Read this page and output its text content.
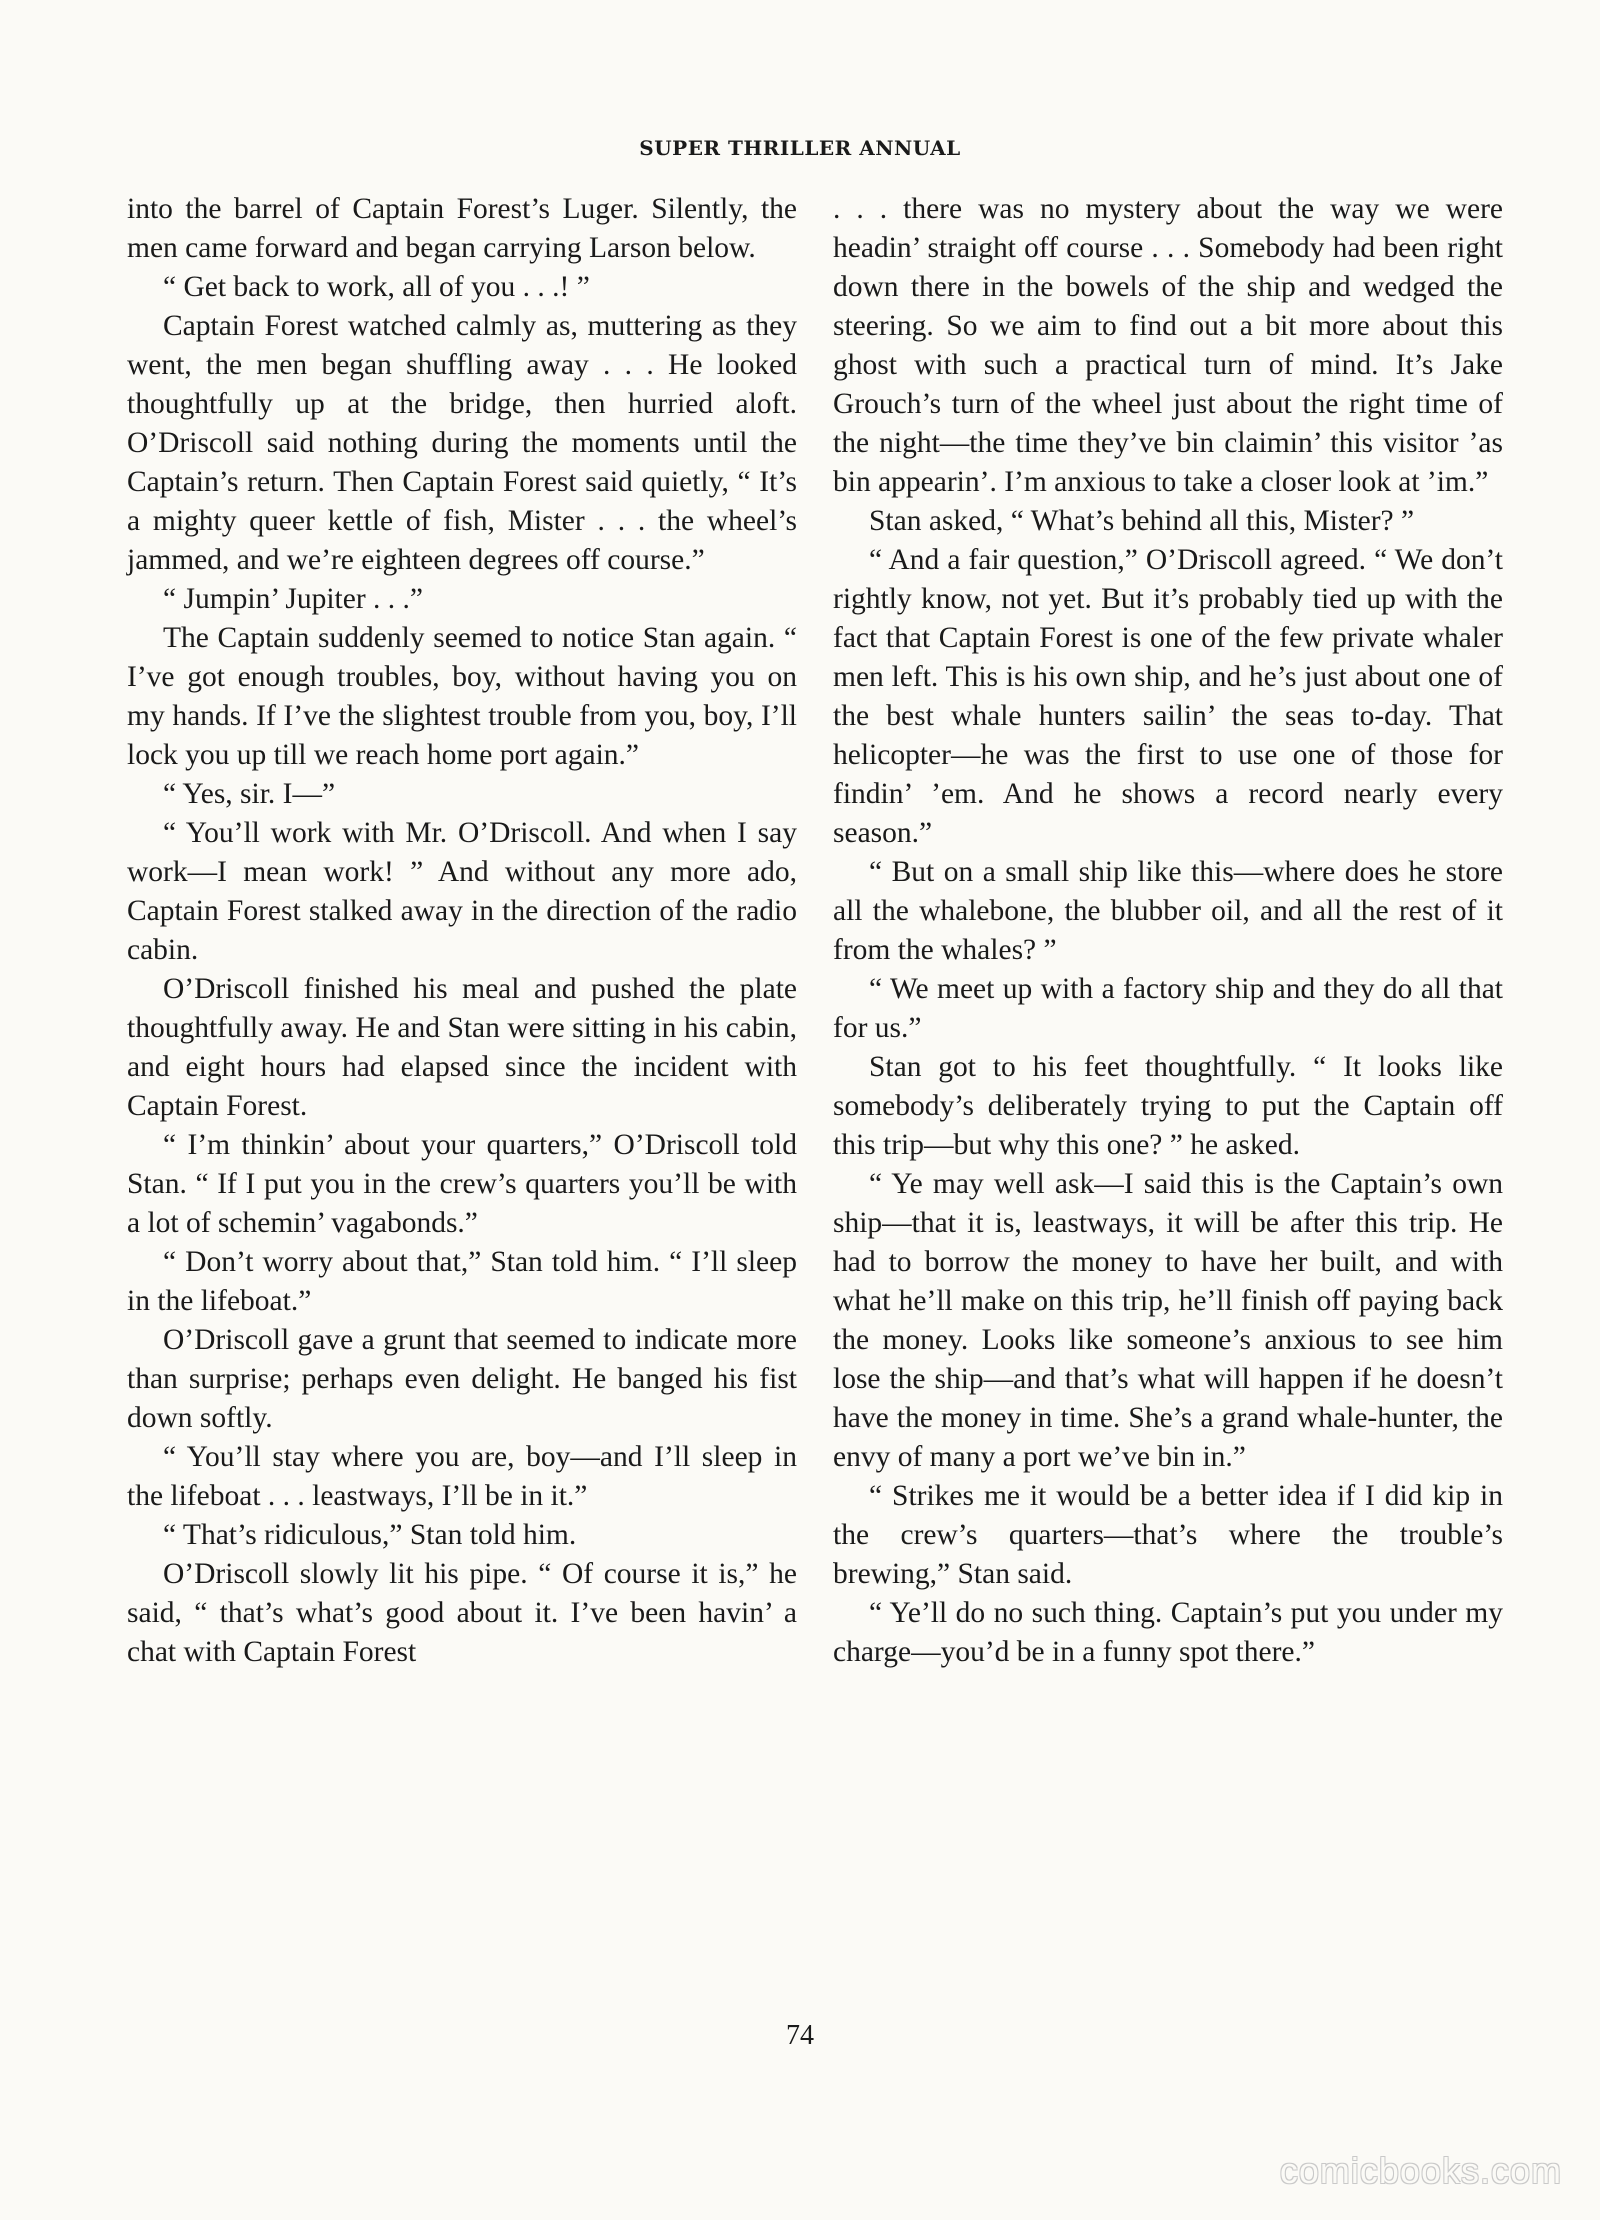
SUPER THRILLER ANNUAL

into the barrel of Captain Forest’s Luger. Silently, the men came forward and began carrying Larson below.

“ Get back to work, all of you . . .! ”

Captain Forest watched calmly as, muttering as they went, the men began shuffling away . . . He looked thoughtfully up at the bridge, then hurried aloft. O’Driscoll said nothing during the moments until the Captain’s return. Then Captain Forest said quietly, “ It’s a mighty queer kettle of fish, Mister . . . the wheel’s jammed, and we’re eighteen degrees off course.”

“ Jumpin’ Jupiter . . .”

The Captain suddenly seemed to notice Stan again. “ I’ve got enough troubles, boy, without having you on my hands. If I’ve the slightest trouble from you, boy, I’ll lock you up till we reach home port again.”

“ Yes, sir. I—”

“ You’ll work with Mr. O’Driscoll. And when I say work—I mean work! ” And without any more ado, Captain Forest stalked away in the direction of the radio cabin.

O’Driscoll finished his meal and pushed the plate thoughtfully away. He and Stan were sitting in his cabin, and eight hours had elapsed since the incident with Captain Forest.

“ I’m thinkin’ about your quarters,” O’Driscoll told Stan. “ If I put you in the crew’s quarters you’ll be with a lot of schemin’ vagabonds.”

“ Don’t worry about that,” Stan told him. “ I’ll sleep in the lifeboat.”

O’Driscoll gave a grunt that seemed to indicate more than surprise; perhaps even delight. He banged his fist down softly.

“ You’ll stay where you are, boy—and I’ll sleep in the lifeboat . . . leastways, I’ll be in it.”

“ That’s ridiculous,” Stan told him.

O’Driscoll slowly lit his pipe. “ Of course it is,” he said, “ that’s what’s good about it. I’ve been havin’ a chat with Captain Forest

. . . there was no mystery about the way we were headin’ straight off course . . . Somebody had been right down there in the bowels of the ship and wedged the steering. So we aim to find out a bit more about this ghost with such a practical turn of mind. It’s Jake Grouch’s turn of the wheel just about the right time of the night—the time they’ve bin claimin’ this visitor ’as bin appearin’. I’m anxious to take a closer look at ’im.”

Stan asked, “ What’s behind all this, Mister? ”

“ And a fair question,” O’Driscoll agreed. “ We don’t rightly know, not yet. But it’s probably tied up with the fact that Captain Forest is one of the few private whaler men left. This is his own ship, and he’s just about one of the best whale hunters sailin’ the seas to-day. That helicopter—he was the first to use one of those for findin’ ’em. And he shows a record nearly every season.”

“ But on a small ship like this—where does he store all the whalebone, the blubber oil, and all the rest of it from the whales? ”

“ We meet up with a factory ship and they do all that for us.”

Stan got to his feet thoughtfully. “ It looks like somebody’s deliberately trying to put the Captain off this trip—but why this one? ” he asked.

“ Ye may well ask—I said this is the Captain’s own ship—that it is, leastways, it will be after this trip. He had to borrow the money to have her built, and with what he’ll make on this trip, he’ll finish off paying back the money. Looks like someone’s anxious to see him lose the ship—and that’s what will happen if he doesn’t have the money in time. She’s a grand whale-hunter, the envy of many a port we’ve bin in.”

“ Strikes me it would be a better idea if I did kip in the crew’s quarters—that’s where the trouble’s brewing,” Stan said.

“ Ye’ll do no such thing. Captain’s put you under my charge—you’d be in a funny spot there.”

74
comicbooks.com
